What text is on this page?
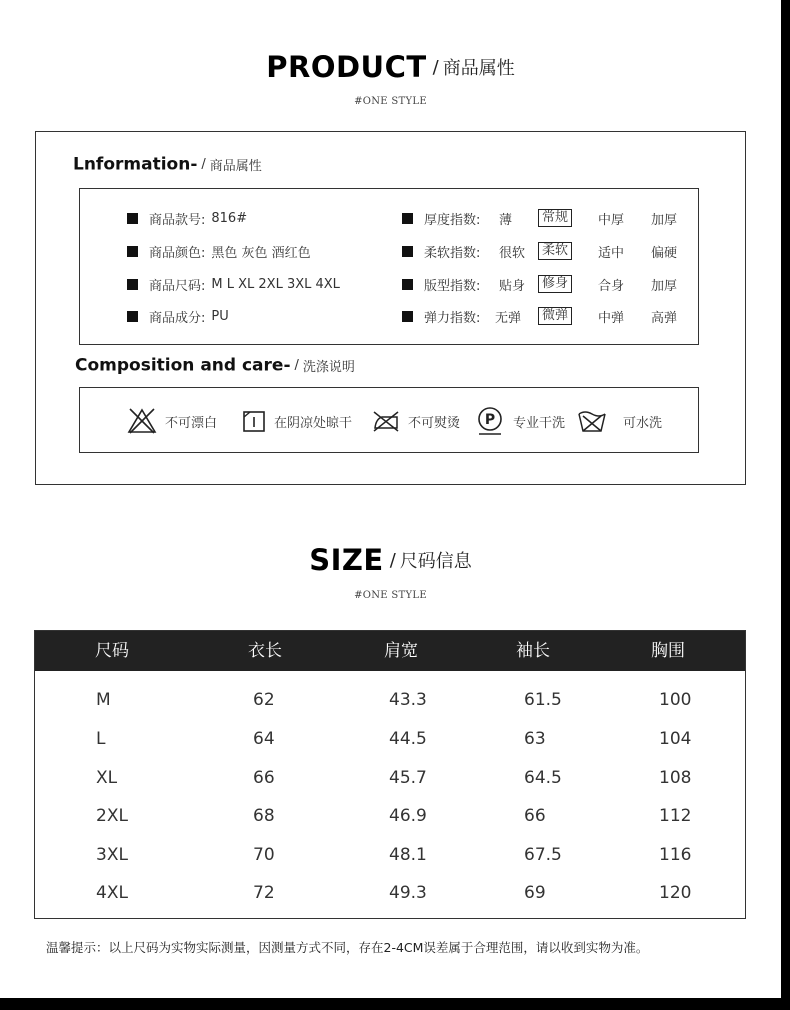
PRODUCT / 商品属性
#ONE STYLE
Lnformation- / 商品属性
商品款号: 816#
商品颜色: 黑色 灰色 酒红色
商品尺码: M L XL 2XL 3XL 4XL
商品成分: PU
厚度指数: 薄	常规	中厚 加厚
柔软指数: 很软	柔软	适中 偏硬
版型指数: 贴身	修身	合身 加厚
弹力指数: 无弹	微弹	中弹 高弹
Composition and care- / 洗涤说明
不可漂白	在阴凉处晾干	不可熨烫 P 专业干洗	可水洗
SIZE / 尺码信息
#ONE STYLE
尺码	衣长	肩宽	袖长	胸围
M	62	43.3	61.5	100
L	64	44.5	63	104
XL	66	45.7	64.5	108
2XL	68	46.9	66	112
3XL	70	48.1	67.5	116
4XL	72	49.3	69	120
温馨提示：以上尺码为实物实际测量，因测量方式不同，存在2-4CM误差属于合理范围，请以收到实物为准。
